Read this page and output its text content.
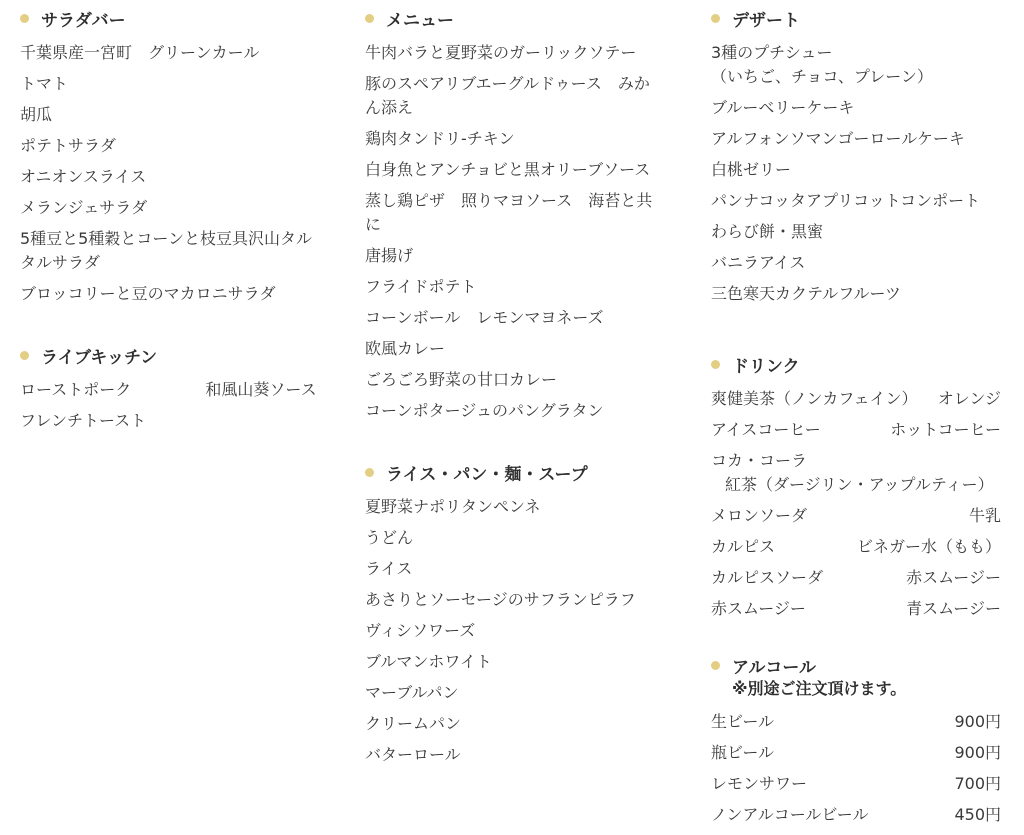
サラダバー
千葉県産一宮町　グリーンカール
トマト
胡瓜
ポテトサラダ
オニオンスライス
メランジェサラダ
5種豆と5種穀とコーンと枝豆具沢山タルタルサラダ
ブロッコリーと豆のマカロニサラダ
ライブキッチン
ローストポーク	和風山葵ソース
フレンチトースト
メニュー
牛肉バラと夏野菜のガーリックソテー
豚のスペアリブエーグルドゥース　みかん添え
鶏肉タンドリ-チキン
白身魚とアンチョビと黒オリーブソース
蒸し鶏ピザ　照りマヨソース　海苔と共に
唐揚げ
フライドポテト
コーンボール　レモンマヨネーズ
欧風カレー
ごろごろ野菜の甘口カレー
コーンポタージュのパングラタン
ライス・パン・麺・スープ
夏野菜ナポリタンペンネ
うどん
ライス
あさりとソーセージのサフランピラフ
ヴィシソワーズ
ブルマンホワイト
マーブルパン
クリームパン
バターロール
デザート
3種のプチシュー
（いちご、チョコ、プレーン）
ブルーベリーケーキ
アルフォンソマンゴーロールケーキ
白桃ゼリー
パンナコッタアプリコットコンポート
わらび餅・黒蜜
バニラアイス
三色寒天カクテルフルーツ
ドリンク
爽健美茶（ノンカフェイン） オレンジ
アイスコーヒー	ホットコーヒー
コカ・コーラ
紅茶（ダージリン・アップルティー）
メロンソーダ	牛乳
カルピス	ビネガー水（もも）
カルピスソーダ	赤スムージー
赤スムージー	青スムージー
アルコール
※別途ご注文頂けます。
生ビール	900円
瓶ビール	900円
レモンサワー	700円
ノンアルコールビール	450円
